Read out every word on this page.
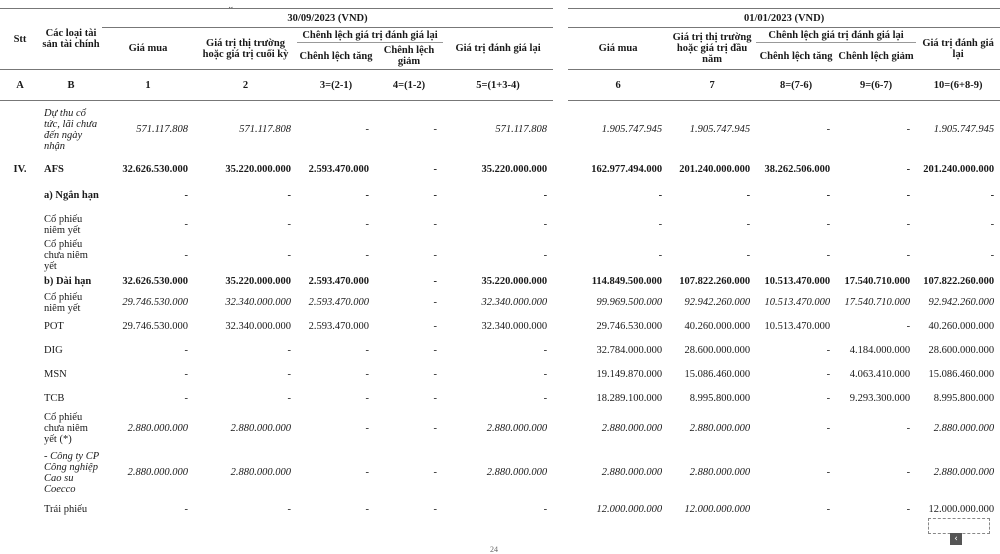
⌄
Stt	Các loại tài sản tài chính	30/09/2023 (VND)						01/01/2023 (VND)				
		Giá mua	Giá trị thị trường hoặc giá trị cuối kỳ	Chênh lệch giá trị đánh giá lại		Giá trị đánh giá lại		Giá mua	Giá trị thị trường hoặc giá trị đầu năm	Chênh lệch giá trị đánh giá lại		Giá trị đánh giá lại
				Chênh lệch tăng	Chênh lệch giảm					Chênh lệch tăng	Chênh lệch giảm	
A	B	1	2	3=(2-1)	4=(1-2)	5=(1+3-4)		6	7	8=(7-6)	9=(6-7)	10=(6+8-9)
	Dự thu cổ tức, lãi chưa đến ngày nhận	571.117.808	571.117.808	-	-	571.117.808		1.905.747.945	1.905.747.945	-	-	1.905.747.945
IV.	AFS	32.626.530.000	35.220.000.000	2.593.470.000	-	35.220.000.000		162.977.494.000	201.240.000.000	38.262.506.000	-	201.240.000.000
	a) Ngắn hạn	-	-	-	-	-		-	-	-	-	-
	Cổ phiếu niêm yết	-	-	-	-	-		-	-	-	-	-
	Cổ phiếu chưa niêm yết	-	-	-	-	-		-	-	-	-	-
	b) Dài hạn	32.626.530.000	35.220.000.000	2.593.470.000	-	35.220.000.000		114.849.500.000	107.822.260.000	10.513.470.000	17.540.710.000	107.822.260.000
	Cổ phiếu niêm yết	29.746.530.000	32.340.000.000	2.593.470.000	-	32.340.000.000		99.969.500.000	92.942.260.000	10.513.470.000	17.540.710.000	92.942.260.000
	POT	29.746.530.000	32.340.000.000	2.593.470.000	-	32.340.000.000		29.746.530.000	40.260.000.000	10.513.470.000	-	40.260.000.000
	DIG	-	-	-	-	-		32.784.000.000	28.600.000.000	-	4.184.000.000	28.600.000.000
	MSN	-	-	-	-	-		19.149.870.000	15.086.460.000	-	4.063.410.000	15.086.460.000
	TCB	-	-	-	-	-		18.289.100.000	8.995.800.000	-	9.293.300.000	8.995.800.000
	Cổ phiếu chưa niêm yết (*)	2.880.000.000	2.880.000.000	-	-	2.880.000.000		2.880.000.000	2.880.000.000	-	-	2.880.000.000
	- Công ty CP Công nghiệp Cao su Coecco	2.880.000.000	2.880.000.000	-	-	2.880.000.000		2.880.000.000	2.880.000.000	-	-	2.880.000.000
	Trái phiếu	-	-	-	-	-		12.000.000.000	12.000.000.000	-	-	12.000.000.000
‹
24
